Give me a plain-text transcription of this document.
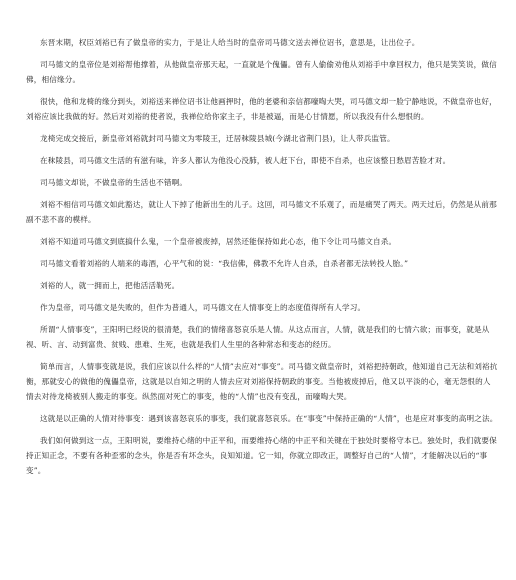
东晋末期，权臣刘裕已有了做皇帝的实力，于是让人给当时的皇帝司马德文送去禅位诏书，意思是，让出位子。

司马德文的皇帝位是刘裕帮他撑着，从他做皇帝那天起，一直就是个傀儡。曾有人偷偷劝他从刘裕手中拿回权力，他只是笑笑说，做信佛，相信缘分。

很快，他和龙椅的缘分到头，刘裕送来禅位诏书让他画押时，他的老婆和亲信都嚎啕大哭，司马德文却一脸宁静地说，不做皇帝也好，刘裕应该比我做的好。然后对刘裕的使者说，我禅位给你家主子，非是被逼，而是心甘情愿，所以我没有什么想恨的。

龙椅完成交接后，新皇帝刘裕就封司马德文为零陵王，迁居秣陵县城(今湖北省荆门县)，让人带兵监管。

在秣陵县，司马德文生活的有滋有味，许多人都认为他没心没肺，被人赶下台，即使不自杀，也应该整日愁眉苦脸才对。

司马德文却说，不做皇帝的生活也不错啊。

刘裕不相信司马德文如此豁达，就让人下掉了他新出生的儿子。这回，司马德文不乐观了，而是痛哭了两天。两天过后，仍然是从前那副不悲不喜的模样。

刘裕不知道司马德文到底搞什么鬼，一个皇帝被废掉，居然还能保持如此心态，他下令让司马德文自杀。

司马德文看着刘裕的人端来的毒酒，心平气和的说：“我信佛，佛教不允许人自杀，自杀者都无法转投人胎。”

刘裕的人，就一拥而上，把他活活勒死。

作为皇帝，司马德文是失败的，但作为普通人，司马德文在人情事变上的态度值得所有人学习。

所谓“人情事变”，王阳明已经说的很清楚，我们的情绪喜怒哀乐是人情。从这点而言，人情，就是我们的七情六欲；而事变，就是从视、听、言、动到富贵、贫贱、患难、生死，也就是我们人生里的各种常态和变态的经历。

简单而言，人情事变就是说，我们应该以什么样的“人情”去应对“事变”。司马德文做皇帝时，刘裕把持朝政，他知道自己无法和刘裕抗衡，那就安心的做他的傀儡皇帝，这就是以自知之明的人情去应对刘裕保持朝政的事变。当他被废掉后，他又以平淡的心，毫无怨恨的人情去对待龙椅被别人搬走的事变。纵然面对死亡的事变，他的“人情”也没有变乱，而嚎啕大哭。

这就是以正确的人情对待事变：遇到该喜怒哀乐的事变，我们就喜怒哀乐。在“事变”中保持正确的“人情”，也是应对事变的高明之法。

我们如何做到这一点，王阳明说，要维持心绪的中正平和，而要维持心绪的中正平和关键在于独处时要格守本已。独处时，我们就要保持正知正念，不要有各种歪邪的念头，你是否有坏念头，良知知道。它一知，你就立即改正，调整好自己的“人情”，才能解决以后的“事变”。
